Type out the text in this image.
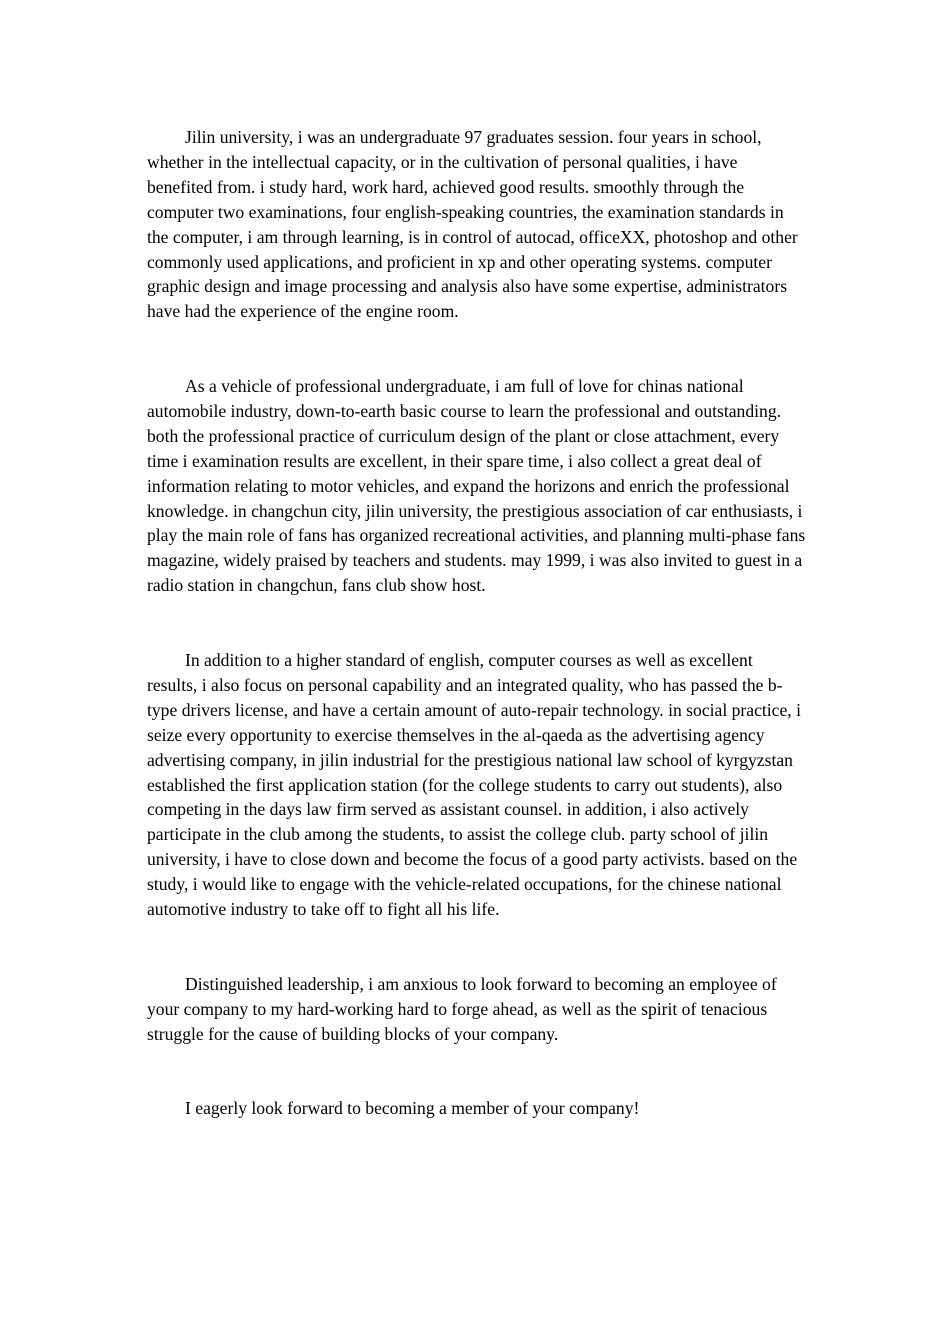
Jilin university, i was an undergraduate 97 graduates session. four years in school, whether in the intellectual capacity, or in the cultivation of personal qualities, i have benefited from. i study hard, work hard, achieved good results. smoothly through the computer two examinations, four english-speaking countries, the examination standards in the computer, i am through learning, is in control of autocad, officeXX, photoshop and other commonly used applications, and proficient in xp and other operating systems. computer graphic design and image processing and analysis also have some expertise, administrators have had the experience of the engine room.

As a vehicle of professional undergraduate, i am full of love for chinas national automobile industry, down-to-earth basic course to learn the professional and outstanding. both the professional practice of curriculum design of the plant or close attachment, every time i examination results are excellent, in their spare time, i also collect a great deal of information relating to motor vehicles, and expand the horizons and enrich the professional knowledge. in changchun city, jilin university, the prestigious association of car enthusiasts, i play the main role of fans has organized recreational activities, and planning multi-phase fans magazine, widely praised by teachers and students. may 1999, i was also invited to guest in a radio station in changchun, fans club show host.

In addition to a higher standard of english, computer courses as well as excellent results, i also focus on personal capability and an integrated quality, who has passed the b-type drivers license, and have a certain amount of auto-repair technology. in social practice, i seize every opportunity to exercise themselves in the al-qaeda as the advertising agency advertising company, in jilin industrial for the prestigious national law school of kyrgyzstan established the first application station (for the college students to carry out students), also competing in the days law firm served as assistant counsel. in addition, i also actively participate in the club among the students, to assist the college club. party school of jilin university, i have to close down and become the focus of a good party activists. based on the study, i would like to engage with the vehicle-related occupations, for the chinese national automotive industry to take off to fight all his life.

Distinguished leadership, i am anxious to look forward to becoming an employee of your company to my hard-working hard to forge ahead, as well as the spirit of tenacious struggle for the cause of building blocks of your company.

I eagerly look forward to becoming a member of your company!
